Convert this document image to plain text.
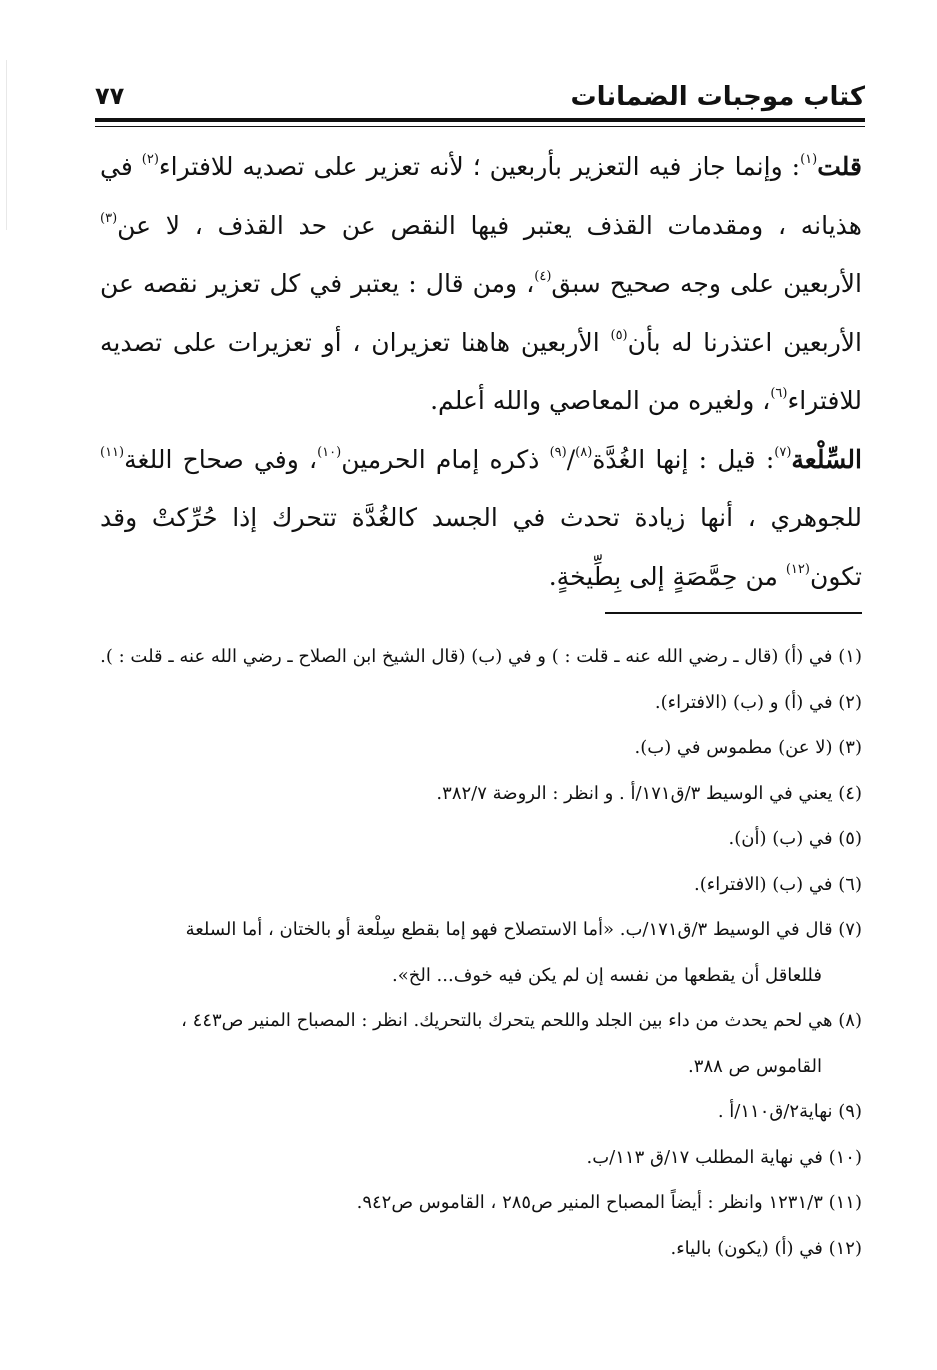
كتاب موجبات الضمانات
٧٧

قلت$^{(١)}$: وإنما جاز فيه التعزير بأربعين ؛ لأنه تعزير على تصديه للافتراء$^{(٢)}$ في هذيانه ، ومقدمات القذف يعتبر فيها النقص عن حد القذف ، لا عن$^{(٣)}$ الأربعين على وجه صحيح سبق$^{(٤)}$، ومن قال : يعتبر في كل تعزير نقصه عن الأربعين اعتذرنا له بأن$^{(٥)}$ الأربعين هاهنا تعزيران ، أو تعزيرات على تصديه للافتراء$^{(٦)}$، ولغيره من المعاصي والله أعلم.

السِّلْعة$^{(٧)}$: قيل : إنها الغُدَّة$^{(٨)}$/$^{(٩)}$ ذكره إمام الحرمين$^{(١٠)}$، وفي صحاح اللغة$^{(١١)}$ للجوهري ، أنها زيادة تحدث في الجسد كالغُدَّة تتحرك إذا حُرِّكتْ وقد تكون$^{(١٢)}$ من حِمَّصَةٍ إلى بِطِّيخةٍ.

(١) في (أ) (قال ـ رضي الله عنه ـ قلت : ) و في (ب) (قال الشيخ ابن الصلاح ـ رضي الله عنه ـ قلت : ).

(٢) في (أ) و (ب) (الافتراء).

(٣) (لا عن) مطموس في (ب).

(٤) يعني في الوسيط ٣/ق١٧١/أ . و انظر : الروضة ٣٨٢/٧.

(٥) في (ب) (أن).

(٦) في (ب) (الافتراء).

(٧) قال في الوسيط ٣/ق١٧١/ب. «أما الاستصلاح فهو إما بقطع سِلْعة أو بالختان ، أما السلعة

فللعاقل أن يقطعها من نفسه إن لم يكن فيه خوف... الخ».

(٨) هي لحم يحدث من داء بين الجلد واللحم يتحرك بالتحريك. انظر : المصباح المنير ص٤٤٣ ،

القاموس ص ٣٨٨.

(٩) نهاية٢/ق١١٠/أ .

(١٠) في نهاية المطلب ١٧/ق ١١٣/ب.

(١١) ١٢٣١/٣ وانظر : أيضاً المصباح المنير ص٢٨٥ ، القاموس ص٩٤٢.

(١٢) في (أ) (يكون) بالياء.
